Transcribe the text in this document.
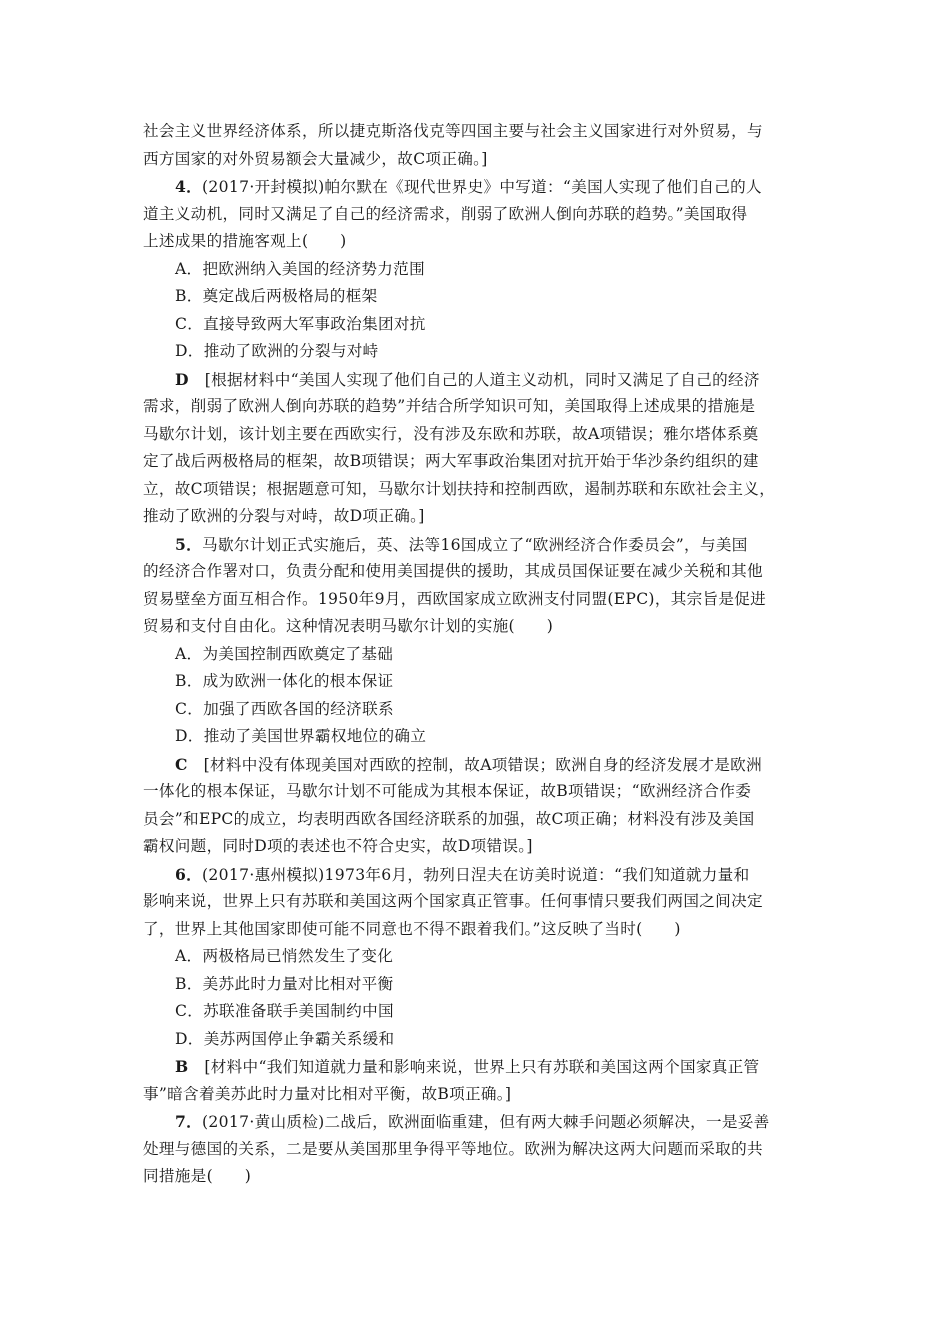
社会主义世界经济体系，所以捷克斯洛伐克等四国主要与社会主义国家进行对外贸易，与
西方国家的对外贸易额会大量减少，故C项正确。]
4．(2017·开封模拟)帕尔默在《现代世界史》中写道：“美国人实现了他们自己的人
道主义动机，同时又满足了自己的经济需求，削弱了欧洲人倒向苏联的趋势。”美国取得
上述成果的措施客观上(　　)
A．把欧洲纳入美国的经济势力范围
B．奠定战后两极格局的框架
C．直接导致两大军事政治集团对抗
D．推动了欧洲的分裂与对峙
D　 [根据材料中“美国人实现了他们自己的人道主义动机，同时又满足了自己的经济
需求，削弱了欧洲人倒向苏联的趋势”并结合所学知识可知，美国取得上述成果的措施是
马歇尔计划，该计划主要在西欧实行，没有涉及东欧和苏联，故A项错误；雅尔塔体系奠
定了战后两极格局的框架，故B项错误；两大军事政治集团对抗开始于华沙条约组织的建
立，故C项错误；根据题意可知，马歇尔计划扶持和控制西欧，遏制苏联和东欧社会主义，
推动了欧洲的分裂与对峙，故D项正确。]
5．马歇尔计划正式实施后，英、法等16国成立了“欧洲经济合作委员会”，与美国
的经济合作署对口，负责分配和使用美国提供的援助，其成员国保证要在减少关税和其他
贸易壁垒方面互相合作。1950年9月，西欧国家成立欧洲支付同盟(EPC)，其宗旨是促进
贸易和支付自由化。这种情况表明马歇尔计划的实施(　　)
A．为美国控制西欧奠定了基础
B．成为欧洲一体化的根本保证
C．加强了西欧各国的经济联系
D．推动了美国世界霸权地位的确立
C　 [材料中没有体现美国对西欧的控制，故A项错误；欧洲自身的经济发展才是欧洲
一体化的根本保证，马歇尔计划不可能成为其根本保证，故B项错误；“欧洲经济合作委
员会”和EPC的成立，均表明西欧各国经济联系的加强，故C项正确；材料没有涉及美国
霸权问题，同时D项的表述也不符合史实，故D项错误。]
6．(2017·惠州模拟)1973年6月，勃列日涅夫在访美时说道：“我们知道就力量和
影响来说，世界上只有苏联和美国这两个国家真正管事。任何事情只要我们两国之间决定
了，世界上其他国家即使可能不同意也不得不跟着我们。”这反映了当时(　　)
A．两极格局已悄然发生了变化
B．美苏此时力量对比相对平衡
C．苏联准备联手美国制约中国
D．美苏两国停止争霸关系缓和
B　 [材料中“我们知道就力量和影响来说，世界上只有苏联和美国这两个国家真正管
事”暗含着美苏此时力量对比相对平衡，故B项正确。]
7．(2017·黄山质检)二战后，欧洲面临重建，但有两大棘手问题必须解决，一是妥善
处理与德国的关系，二是要从美国那里争得平等地位。欧洲为解决这两大问题而采取的共
同措施是(　　)
